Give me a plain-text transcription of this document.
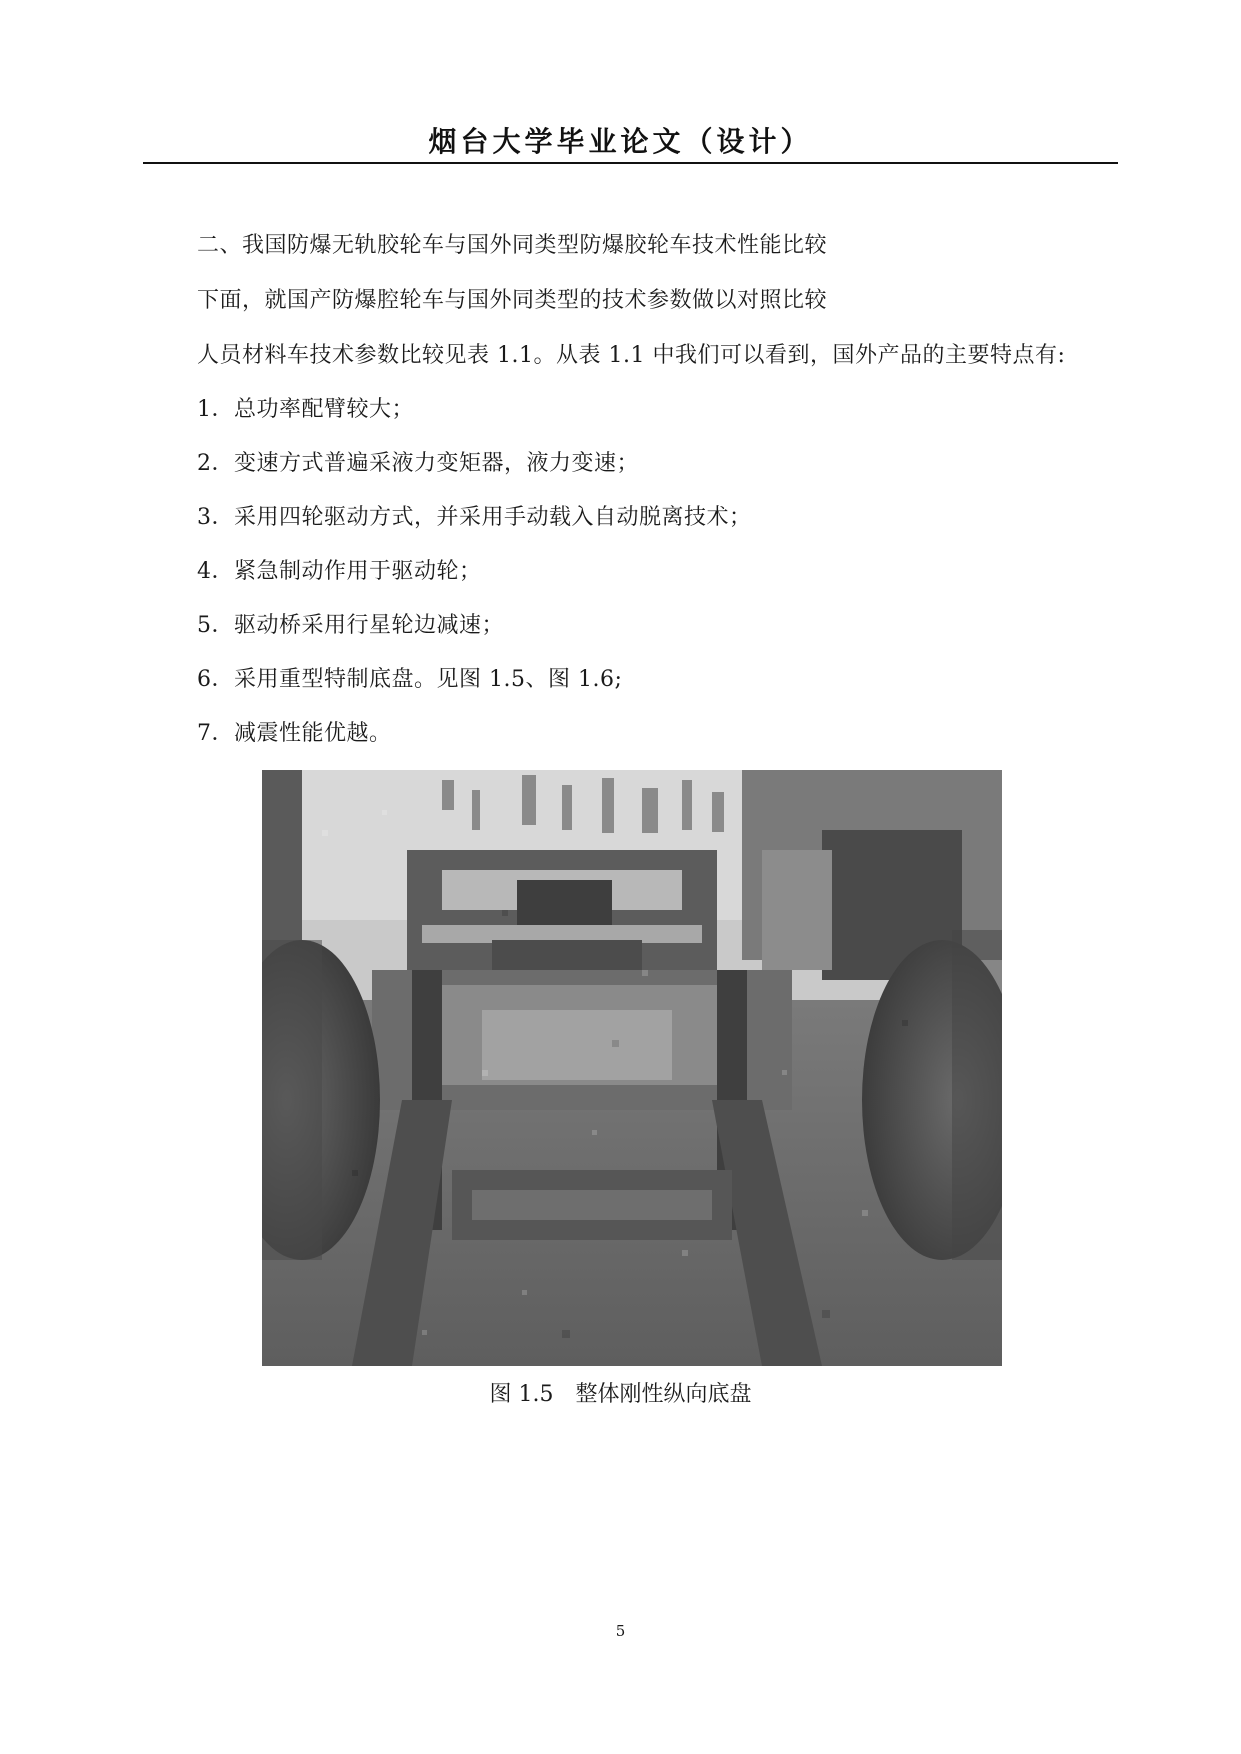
烟台大学毕业论文（设计）
二、我国防爆无轨胶轮车与国外同类型防爆胶轮车技术性能比较
下面，就国产防爆腔轮车与国外同类型的技术参数做以对照比较
人员材料车技术参数比较见表 1.1。从表 1.1 中我们可以看到，国外产品的主要特点有:
1．总功率配臂较大；
2．变速方式普遍采液力变矩器，液力变速；
3．采用四轮驱动方式，并采用手动载入自动脱离技术；
4．紧急制动作用于驱动轮；
5．驱动桥采用行星轮边减速；
6．采用重型特制底盘。见图 1.5、图 1.6;
7．减震性能优越。
图 1.5　整体刚性纵向底盘
5
